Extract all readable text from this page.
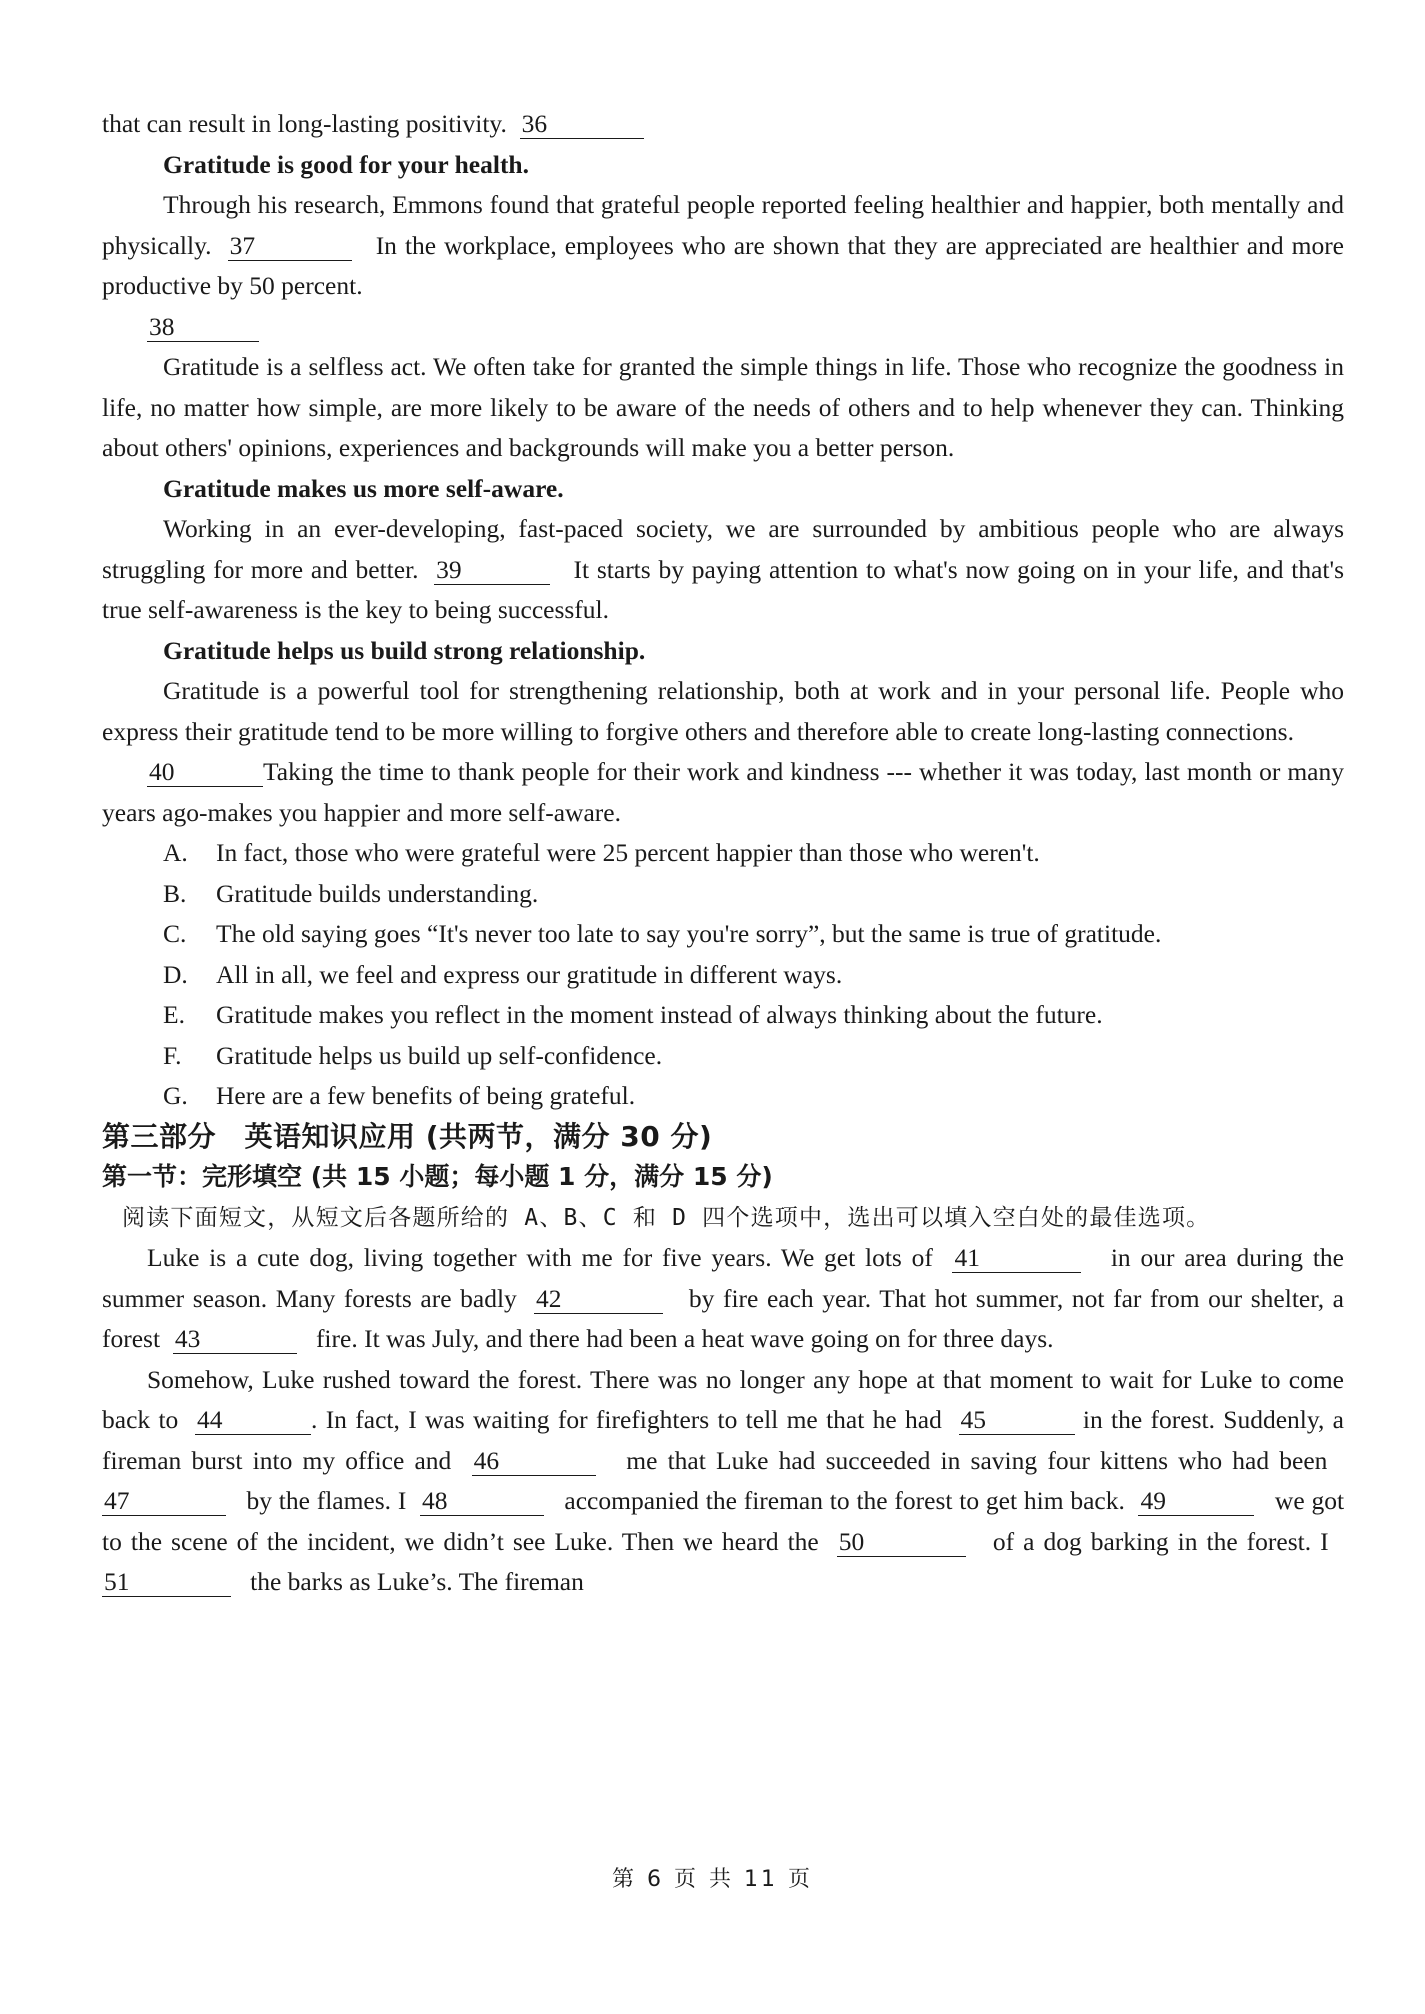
that can result in long-lasting positivity. 36

Gratitude is good for your health.

Through his research, Emmons found that grateful people reported feeling healthier and happier, both mentally and physically. 37	In the workplace, employees who are shown that they are appreciated are healthier and more productive by 50 percent.

38

Gratitude is a selfless act. We often take for granted the simple things in life. Those who recognize the goodness in life, no matter how simple, are more likely to be aware of the needs of others and to help whenever they can. Thinking about others' opinions, experiences and backgrounds will make you a better person.

Gratitude makes us more self-aware.

Working in an ever-developing, fast-paced society, we are surrounded by ambitious people who are always struggling for more and better. 39	It starts by paying attention to what's now going on in your life, and that's true self-awareness is the key to being successful.

Gratitude helps us build strong relationship.

Gratitude is a powerful tool for strengthening relationship, both at work and in your personal life. People who express their gratitude tend to be more willing to forgive others and therefore able to create long-lasting connections.

40	Taking the time to thank people for their work and kindness --- whether it was today, last month or many years ago-makes you happier and more self-aware.

A. In fact, those who were grateful were 25 percent happier than those who weren't.

B. Gratitude builds understanding.

C. The old saying goes “It's never too late to say you're sorry”, but the same is true of gratitude.

D. All in all, we feel and express our gratitude in different ways.

E. Gratitude makes you reflect in the moment instead of always thinking about the future.

F. Gratitude helps us build up self-confidence.

G. Here are a few benefits of being grateful.

第三部分　英语知识应用 (共两节，满分 30 分)

第一节：完形填空 (共 15 小题；每小题 1 分，满分 15 分)

阅读下面短文，从短文后各题所给的 A、B、C 和 D 四个选项中，选出可以填入空白处的最佳选项。

Luke is a cute dog, living together with me for five years. We get lots of 41	in our area during the summer season. Many forests are badly 42	by fire each year. That hot summer, not far from our shelter, a forest 43	fire. It was July, and there had been a heat wave going on for three days.

Somehow, Luke rushed toward the forest. There was no longer any hope at that moment to wait for Luke to come back to 44	. In fact, I was waiting for firefighters to tell me that he had 45	in the forest. Suddenly, a fireman burst into my office and 46	me that Luke had succeeded in saving four kittens who had been  47	by the flames. I 48	accompanied the fireman to the forest to get him back. 49	we got to the scene of the incident, we didn’t see Luke. Then we heard the 50	of a dog barking in the forest. I  51	the barks as Luke’s. The fireman

第 6 页 共 11 页
